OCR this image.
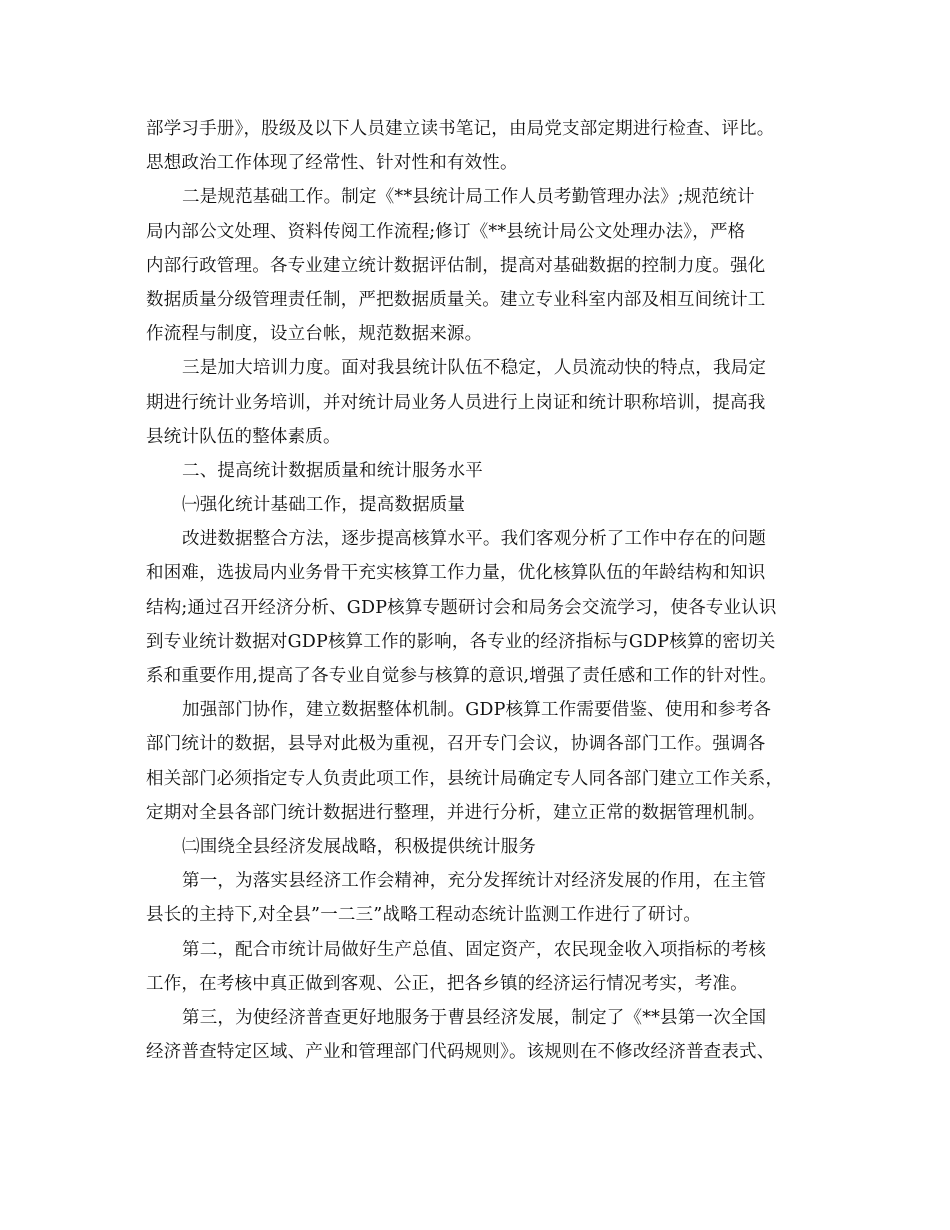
部学习手册》，股级及以下人员建立读书笔记，由局党支部定期进行检查、评比。
思想政治工作体现了经常性、针对性和有效性。
二是规范基础工作。制定《**县统计局工作人员考勤管理办法》;规范统计
局内部公文处理、资料传阅工作流程;修订《**县统计局公文处理办法》，严格
内部行政管理。各专业建立统计数据评估制，提高对基础数据的控制力度。强化
数据质量分级管理责任制，严把数据质量关。建立专业科室内部及相互间统计工
作流程与制度，设立台帐，规范数据来源。
三是加大培训力度。面对我县统计队伍不稳定，人员流动快的特点，我局定
期进行统计业务培训，并对统计局业务人员进行上岗证和统计职称培训，提高我
县统计队伍的整体素质。
二、提高统计数据质量和统计服务水平
㈠强化统计基础工作，提高数据质量
改进数据整合方法，逐步提高核算水平。我们客观分析了工作中存在的问题
和困难，选拔局内业务骨干充实核算工作力量，优化核算队伍的年龄结构和知识
结构;通过召开经济分析、GDP核算专题研讨会和局务会交流学习，使各专业认识
到专业统计数据对GDP核算工作的影响，各专业的经济指标与GDP核算的密切关
系和重要作用,提高了各专业自觉参与核算的意识,增强了责任感和工作的针对性。
加强部门协作，建立数据整体机制。GDP核算工作需要借鉴、使用和参考各
部门统计的数据，县导对此极为重视，召开专门会议，协调各部门工作。强调各
相关部门必须指定专人负责此项工作，县统计局确定专人同各部门建立工作关系，
定期对全县各部门统计数据进行整理，并进行分析，建立正常的数据管理机制。
㈡围绕全县经济发展战略，积极提供统计服务
第一，为落实县经济工作会精神，充分发挥统计对经济发展的作用，在主管
县长的主持下,对全县”一二三”战略工程动态统计监测工作进行了研讨。
第二，配合市统计局做好生产总值、固定资产，农民现金收入项指标的考核
工作，在考核中真正做到客观、公正，把各乡镇的经济运行情况考实，考准。
第三，为使经济普查更好地服务于曹县经济发展，制定了《**县第一次全国
经济普查特定区域、产业和管理部门代码规则》。该规则在不修改经济普查表式、
